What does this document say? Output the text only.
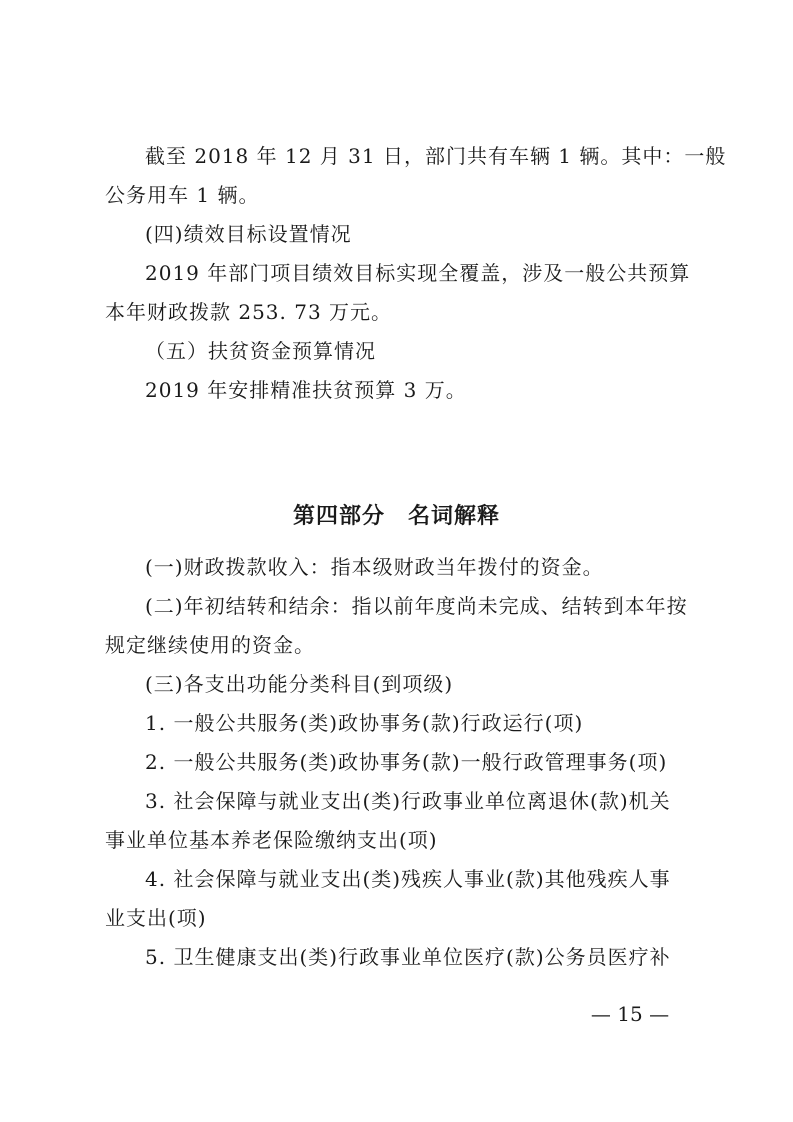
截至 2018 年 12 月 31 日，部门共有车辆 1 辆。其中：一般
公务用车 1 辆。
(四)绩效目标设置情况
2019 年部门项目绩效目标实现全覆盖，涉及一般公共预算
本年财政拨款 253. 73 万元。
（五）扶贫资金预算情况
2019 年安排精准扶贫预算 3 万。
第四部分　名词解释
(一)财政拨款收入：指本级财政当年拨付的资金。
(二)年初结转和结余：指以前年度尚未完成、结转到本年按
规定继续使用的资金。
(三)各支出功能分类科目(到项级)
1. 一般公共服务(类)政协事务(款)行政运行(项)
2. 一般公共服务(类)政协事务(款)一般行政管理事务(项)
3. 社会保障与就业支出(类)行政事业单位离退休(款)机关
事业单位基本养老保险缴纳支出(项)
4. 社会保障与就业支出(类)残疾人事业(款)其他残疾人事
业支出(项)
5. 卫生健康支出(类)行政事业单位医疗(款)公务员医疗补
— 15 —
